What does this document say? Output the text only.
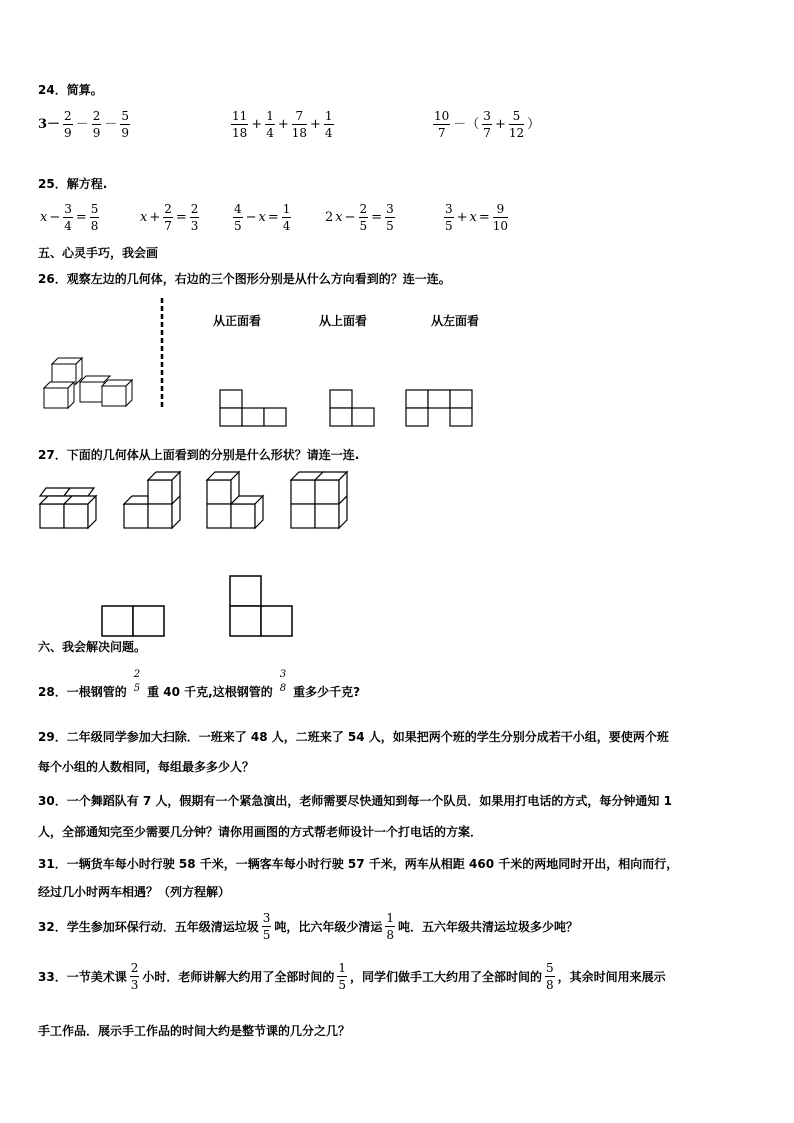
24．简算。
$3- \frac{2}{9} - \frac{2}{9} - \frac{5}{9}$	$\frac{11}{18} + \frac{1}{4} + \frac{7}{18} + \frac{1}{4}$	$\frac{10}{7}$ －（ $\frac{3}{7} + \frac{5}{12}$ ）
25．解方程.
$x - \frac{3}{4} = \frac{5}{8}$	$x + \frac{2}{7} = \frac{2}{3}$	$\frac{4}{5} - x = \frac{1}{4}$	2 $x - \frac{2}{5} = \frac{3}{5}$	$\frac{3}{5} + x = \frac{9}{10}$
五、心灵手巧，我会画
26．观察左边的几何体，右边的三个图形分别是从什么方向看到的？连一连。
从正面看	从上面看	从左面看
27．下面的几何体从上面看到的分别是什么形状？请连一连.
六、我会解决问题。
28．一根钢管的
2
5 重 40 千克,这根钢管的
3
8 重多少千克?
29．二年级同学参加大扫除．一班来了 48 人，二班来了 54 人，如果把两个班的学生分别分成若干小组，要使两个班
每个小组的人数相同，每组最多多少人？
30．一个舞蹈队有 7 人，假期有一个紧急演出，老师需要尽快通知到每一个队员．如果用打电话的方式，每分钟通知 1
人，全部通知完至少需要几分钟？请你用画图的方式帮老师设计一个打电话的方案．
31．一辆货车每小时行驶 58 千米，一辆客车每小时行驶 57 千米，两车从相距 460 千米的两地同时开出，相向而行，
经过几小时两车相遇？（列方程解）
32．学生参加环保行动．五年级清运垃圾 $\frac{3}{5}$ 吨，比六年级少清运 $\frac{1}{8}$ 吨．五六年级共清运垃圾多少吨？
33．一节美术课 $\frac{2}{3}$ 小时．老师讲解大约用了全部时间的 $\frac{1}{5}$ ，同学们做手工大约用了全部时间的 $\frac{5}{8}$ ，其余时间用来展示
手工作品．展示手工作品的时间大约是整节课的几分之几？
